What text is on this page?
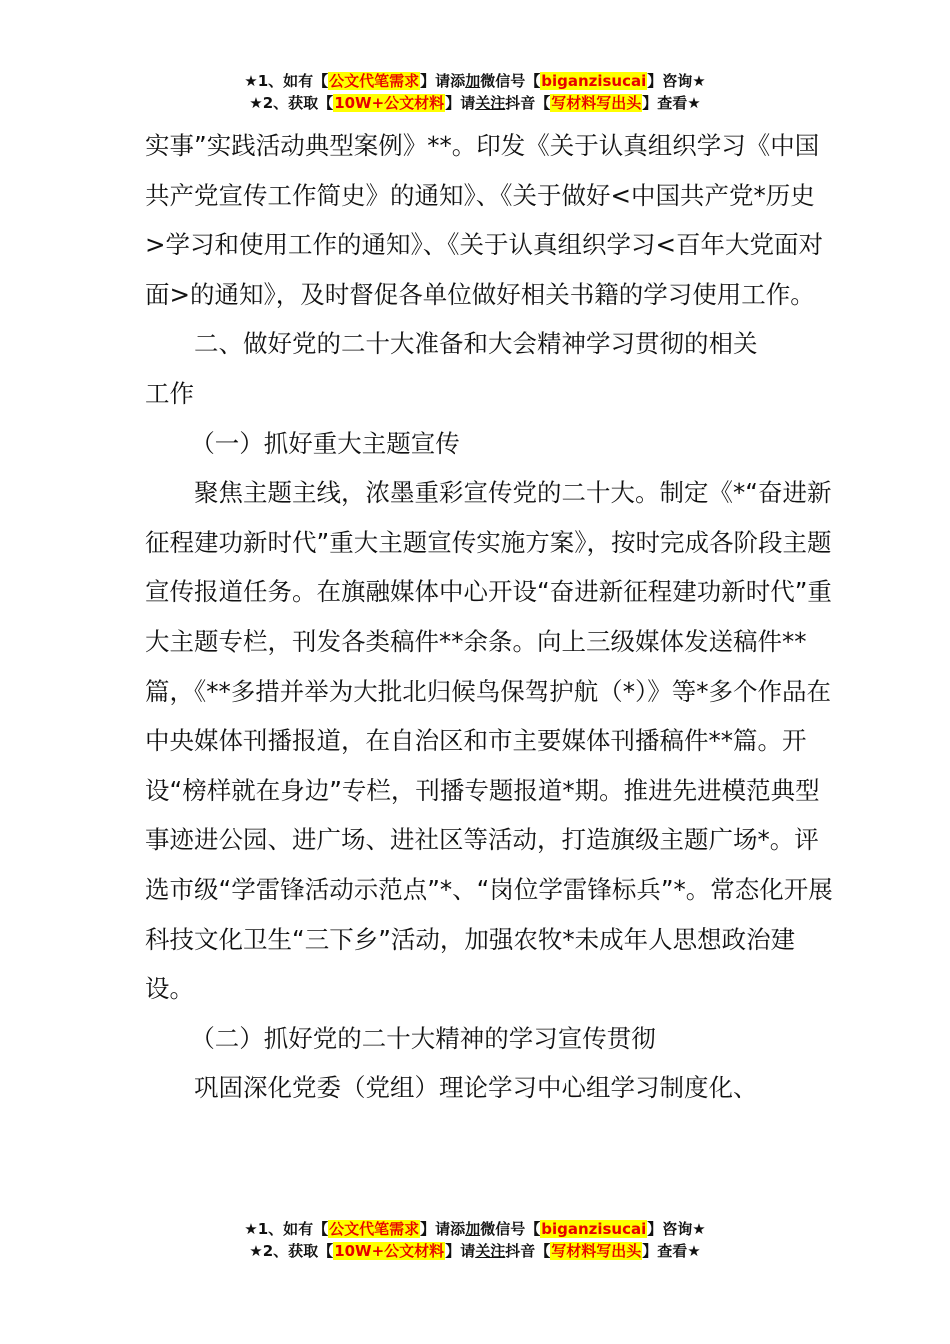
★1、如有【公文代笔需求】请添加微信号【biganzisucai】咨询★
★2、获取【10W+公文材料】请关注抖音【写材料写出头】查看★

实事”实践活动典型案例》**。印发《关于认真组织学习《中国共产党宣传工作简史》的通知》、《关于做好<中国共产党*历史>学习和使用工作的通知》、《关于认真组织学习<百年大党面对面>的通知》，及时督促各单位做好相关书籍的学习使用工作。

二、做好党的二十大准备和大会精神学习贯彻的相关
工作

（一）抓好重大主题宣传

聚焦主题主线，浓墨重彩宣传党的二十大。制定《*“奋进新征程建功新时代”重大主题宣传实施方案》，按时完成各阶段主题宣传报道任务。在旗融媒体中心开设“奋进新征程建功新时代”重大主题专栏，刊发各类稿件**余条。向上三级媒体发送稿件**篇，《**多措并举为大批北归候鸟保驾护航（*）》等*多个作品在中央媒体刊播报道，在自治区和市主要媒体刊播稿件**篇。开设“榜样就在身边”专栏，刊播专题报道*期。推进先进模范典型事迹进公园、进广场、进社区等活动，打造旗级主题广场*。评选市级“学雷锋活动示范点”*、“岗位学雷锋标兵”*。常态化开展科技文化卫生“三下乡”活动，加强农牧*未成年人思想政治建设。

（二）抓好党的二十大精神的学习宣传贯彻

巩固深化党委（党组）理论学习中心组学习制度化、

★1、如有【公文代笔需求】请添加微信号【biganzisucai】咨询★
★2、获取【10W+公文材料】请关注抖音【写材料写出头】查看★
